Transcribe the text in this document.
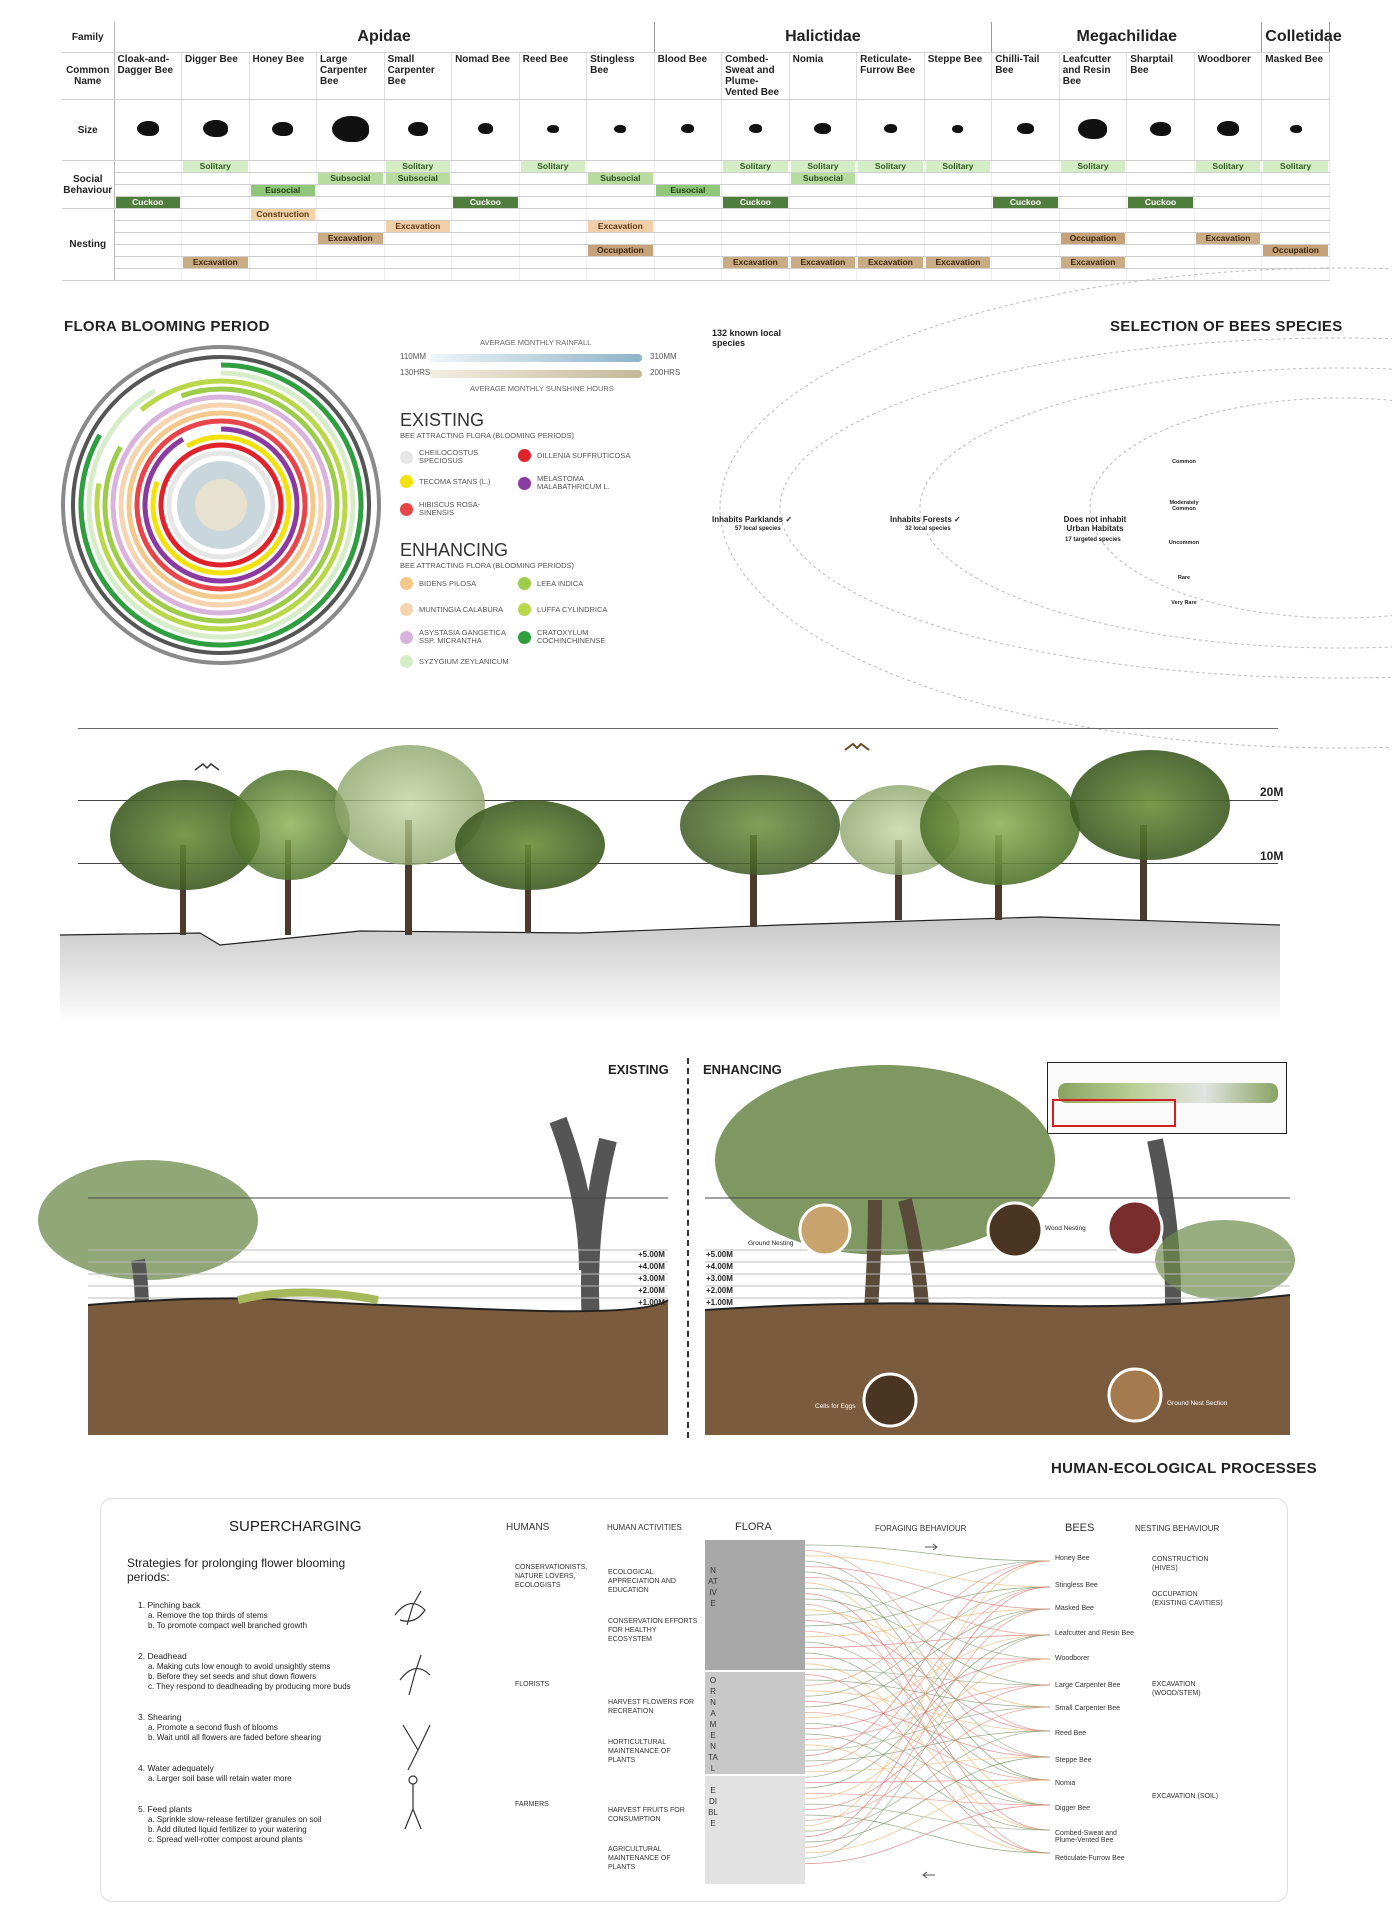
Family	Apidae								Halictidae					Megachilidae				Colletidae
Common Name	Cloak-and-Dagger Bee	Digger Bee	Honey Bee	Large Carpenter Bee	Small Carpenter Bee	Nomad Bee	Reed Bee	Stingless Bee	Blood Bee	Combed-Sweat and Plume-Vented Bee	Nomia	Reticulate-Furrow Bee	Steppe Bee	Chilli-Tail Bee	Leafcutter and Resin Bee	Sharptail Bee	Woodborer	Masked Bee
Size																		
Social Behaviour		Solitary			Solitary		Solitary			Solitary	Solitary	Solitary	Solitary		Solitary		Solitary	Solitary

				Subsocial	Subsocial			Subsocial			Subsocial							

			Eusocial						Eusocial									

	Cuckoo					Cuckoo				Cuckoo				Cuckoo		Cuckoo		

Nesting			Construction															

					Excavation			Excavation										

				Excavation											Occupation		Excavation	

								Occupation										Occupation

		Excavation								Excavation	Excavation	Excavation	Excavation		Excavation			

FLORA BLOOMING PERIOD
AVERAGE MONTHLY RAINFALL
110MM	310MM
130HRS	200HRS
AVERAGE MONTHLY SUNSHINE HOURS
EXISTING
BEE ATTRACTING FLORA (BLOOMING PERIODS)
CHEILOCOSTUS SPECIOSUS
DILLENIA SUFFRUTICOSA
TECOMA STANS (L.)	MELASTOMA MALABATHRICUM L.
HIBISCUS ROSA-SINENSIS
ENHANCING
BEE ATTRACTING FLORA (BLOOMING PERIODS)
BIDENS PILOSA	LEEA INDICA
MUNTINGIA CALABURA	LUFFA CYLINDRICA
ASYSTASIA GANGETICA SSP. MICRANTHA
CRATOXYLUM COCHINCHINENSE
SYZYGIUM ZEYLANICUM
SELECTION OF BEES SPECIES
132 known local species
Inhabits Parklands ✓
57 local species
Inhabits Forests ✓
32 local species
Does not inhabit Urban Habitats
17 targeted species
Common
Moderately Common
Uncommon
Rare
Very Rare
20M
10M
EXISTING	ENHANCING
+5.00M
+4.00M
+3.00M
+2.00M
+1.00M
Ground Nesting
Wood Nesting
Cells for Eggs	Ground Nest Section
+5.00M
+4.00M
+3.00M
+2.00M
+1.00M
HUMAN-ECOLOGICAL PROCESSES
SUPERCHARGING
Strategies for prolonging flower blooming periods:
1. Pinching back
a. Remove the top thirds of stems
b. To promote compact well branched growth
2. Deadhead
a. Making cuts low enough to avoid unsightly stems
b. Before they set seeds and shut down flowers
c. They respond to deadheading by producing more buds
3. Shearing
a. Promote a second flush of blooms
b. Wait until all flowers are faded before shearing
4. Water adequately
a. Larger soil base will retain water more
5. Feed plants
a. Sprinkle slow-release fertilizer granules on soil
b. Add diluted liquid fertilizer to your watering
c. Spread well-rotter compost around plants
HUMANS	HUMAN ACTIVITIES	FLORA	FORAGING BEHAVIOUR	BEES	NESTING BEHAVIOUR
CONSERVATIONISTS, NATURE LOVERS, ECOLOGISTS
FLORISTS
FARMERS
ECOLOGICAL APPRECIATION AND EDUCATION
CONSERVATION EFFORTS FOR HEALTHY ECOSYSTEM
HARVEST FLOWERS FOR RECREATION
HORTICULTURAL MAINTENANCE OF PLANTS
HARVEST FRUITS FOR CONSUMPTION
AGRICULTURAL MAINTENANCE OF PLANTS
NATIVE
ORNAMENTAL
EDIBLE
Honey Bee
Stingless Bee
Masked Bee
Leafcutter and Resin Bee
Woodborer
Large Carpenter Bee
Small Carpenter Bee
Reed Bee
Steppe Bee
Nomia
Digger Bee
Combed-Sweat and Plume-Vented Bee
Reticulate-Furrow Bee
CONSTRUCTION (HIVES)
OCCUPATION (EXISTING CAVITIES)
EXCAVATION (WOOD/STEM)
EXCAVATION (SOIL)
